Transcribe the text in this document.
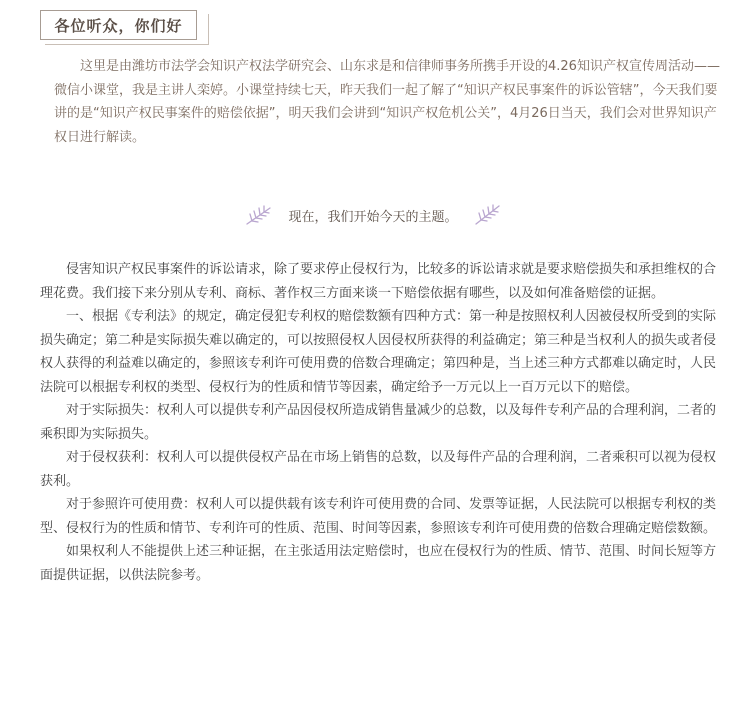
各位听众，你们好

这里是由潍坊市法学会知识产权法学研究会、山东求是和信律师事务所携手开设的4.26知识产权宣传周活动——微信小课堂，我是主讲人栾婷。小课堂持续七天，昨天我们一起了解了“知识产权民事案件的诉讼管辖”，今天我们要讲的是“知识产权民事案件的赔偿依据”，明天我们会讲到“知识产权危机公关”，4月26日当天，我们会对世界知识产权日进行解读。

现在，我们开始今天的主题。

侵害知识产权民事案件的诉讼请求，除了要求停止侵权行为，比较多的诉讼请求就是要求赔偿损失和承担维权的合理花费。我们接下来分别从专利、商标、著作权三方面来谈一下赔偿依据有哪些，以及如何准备赔偿的证据。

一、根据《专利法》的规定，确定侵犯专利权的赔偿数额有四种方式：第一种是按照权利人因被侵权所受到的实际损失确定；第二种是实际损失难以确定的，可以按照侵权人因侵权所获得的利益确定；第三种是当权利人的损失或者侵权人获得的利益难以确定的，参照该专利许可使用费的倍数合理确定；第四种是，当上述三种方式都难以确定时，人民法院可以根据专利权的类型、侵权行为的性质和情节等因素，确定给予一万元以上一百万元以下的赔偿。

对于实际损失：权利人可以提供专利产品因侵权所造成销售量减少的总数，以及每件专利产品的合理利润，二者的乘积即为实际损失。

对于侵权获利：权利人可以提供侵权产品在市场上销售的总数，以及每件产品的合理利润，二者乘积可以视为侵权获利。

对于参照许可使用费：权利人可以提供载有该专利许可使用费的合同、发票等证据，人民法院可以根据专利权的类型、侵权行为的性质和情节、专利许可的性质、范围、时间等因素，参照该专利许可使用费的倍数合理确定赔偿数额。

如果权利人不能提供上述三种证据，在主张适用法定赔偿时，也应在侵权行为的性质、情节、范围、时间长短等方面提供证据，以供法院参考。
